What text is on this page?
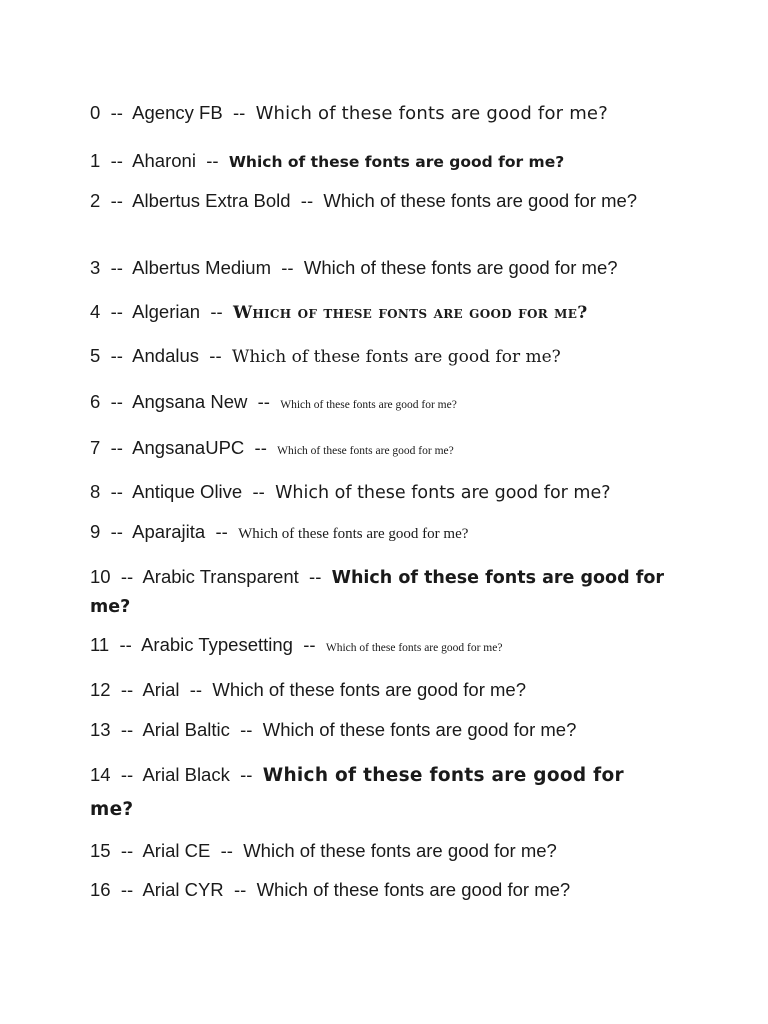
0  --  Agency FB  --  Which of these fonts are good for me?
1  --  Aharoni  --  Which of these fonts are good for me?
2  --  Albertus Extra Bold  --  Which of these fonts are good for me?
3  --  Albertus Medium  --  Which of these fonts are good for me?
4  --  Algerian  --  Which of these fonts are good for me?
5  --  Andalus  --  Which of these fonts are good for me?
6  --  Angsana New  --  Which of these fonts are good for me?
7  --  AngsanaUPC  --  Which of these fonts are good for me?
8  --  Antique Olive  --  Which of these fonts are good for me?
9  --  Aparajita  --  Which of these fonts are good for me?
10  --  Arabic Transparent  --  Which of these fonts are good for me?
11  --  Arabic Typesetting  --  Which of these fonts are good for me?
12  --  Arial  --  Which of these fonts are good for me?
13  --  Arial Baltic  --  Which of these fonts are good for me?
14  --  Arial Black  --  Which of these fonts are good for me?
15  --  Arial CE  --  Which of these fonts are good for me?
16  --  Arial CYR  --  Which of these fonts are good for me?
